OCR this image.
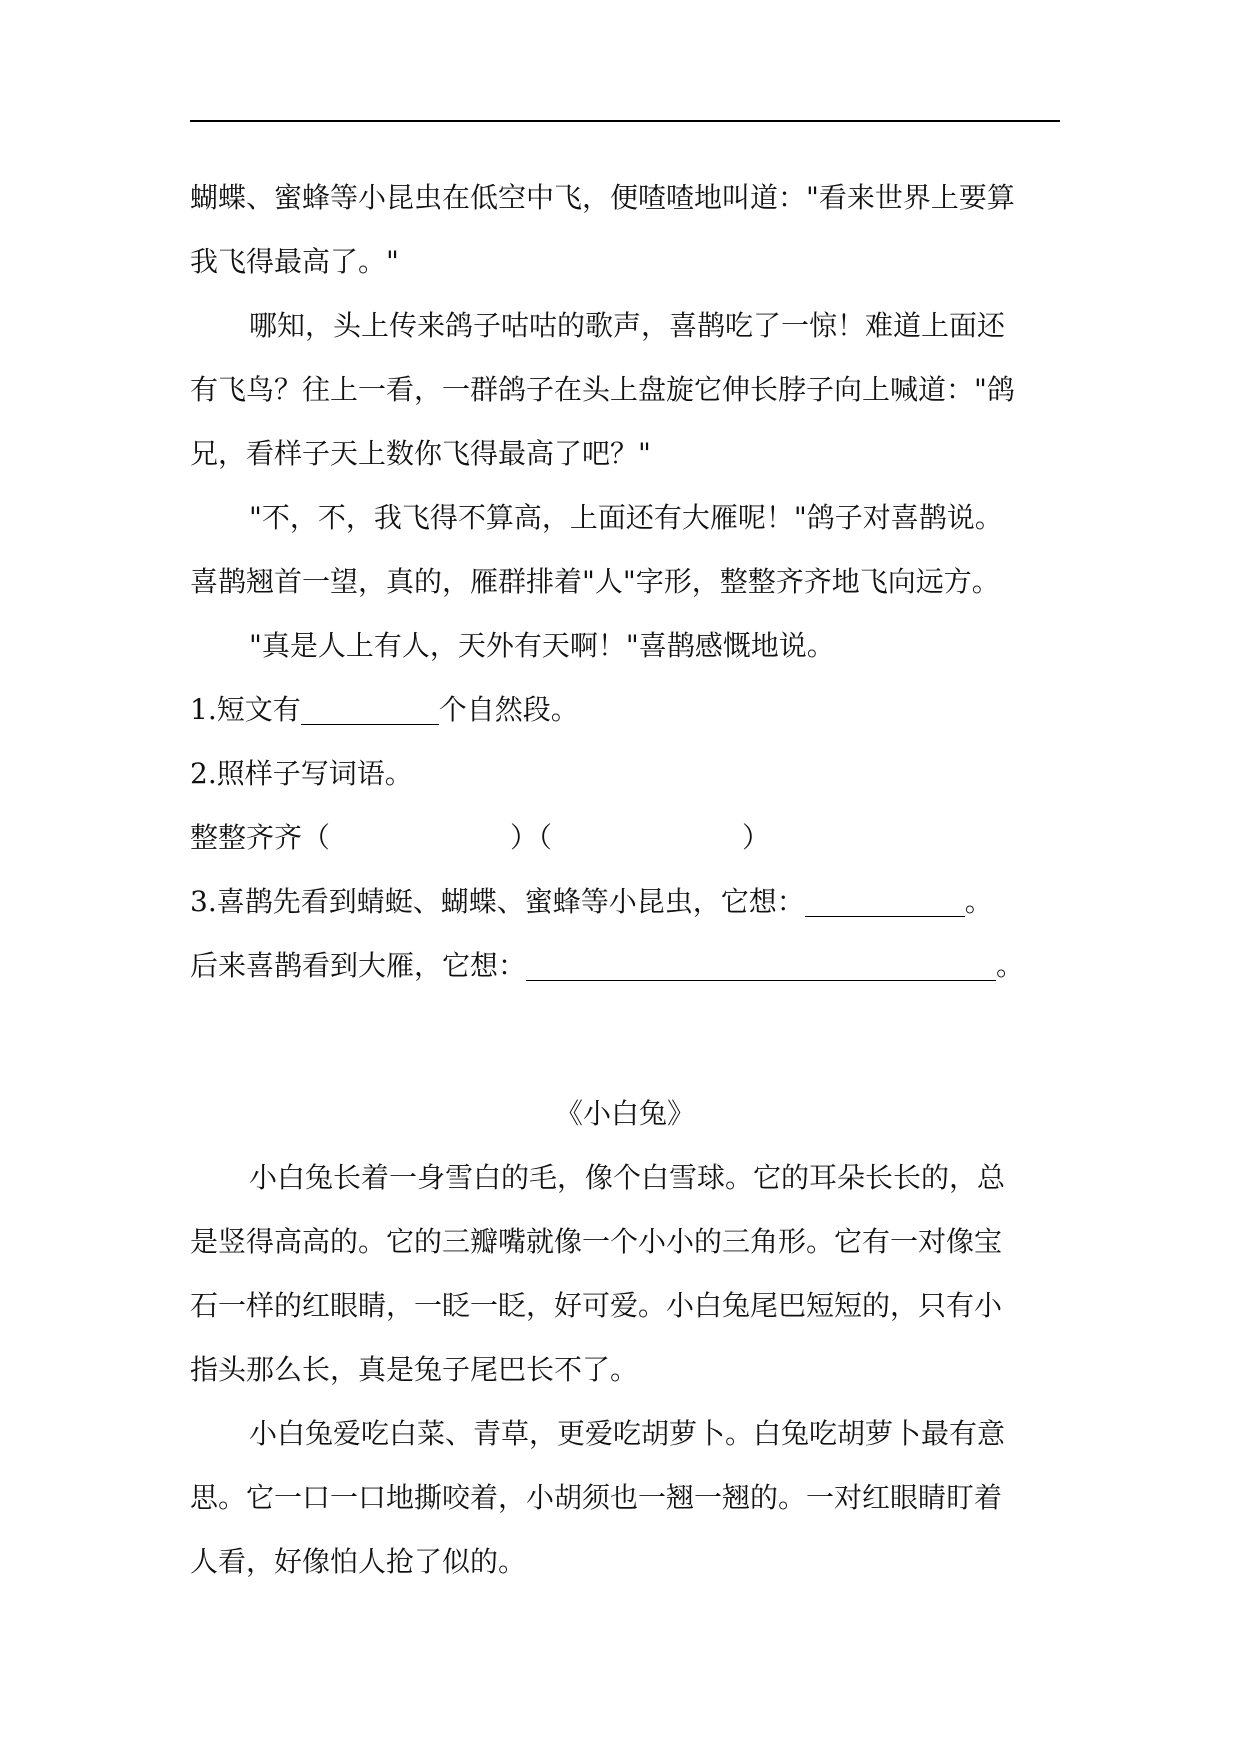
蝴蝶、蜜蜂等小昆虫在低空中飞，便喳喳地叫道："看来世界上要算
我飞得最高了。"
哪知，头上传来鸽子咕咕的歌声，喜鹊吃了一惊！难道上面还
有飞鸟？往上一看，一群鸽子在头上盘旋它伸长脖子向上喊道："鸽
兄，看样子天上数你飞得最高了吧？"
"不，不，我飞得不算高，上面还有大雁呢！"鸽子对喜鹊说。
喜鹊翘首一望，真的，雁群排着"人"字形，整整齐齐地飞向远方。
"真是人上有人，天外有天啊！"喜鹊感慨地说。
1.短文有	个自然段。
2.照样子写词语。
整整齐齐（	）（	）
3.喜鹊先看到蜻蜓、蝴蝶、蜜蜂等小昆虫，它想：	。
后来喜鹊看到大雁，它想：	。
《小白兔》
小白兔长着一身雪白的毛，像个白雪球。它的耳朵长长的，总
是竖得高高的。它的三瓣嘴就像一个小小的三角形。它有一对像宝
石一样的红眼睛，一眨一眨，好可爱。小白兔尾巴短短的，只有小
指头那么长，真是兔子尾巴长不了。
小白兔爱吃白菜、青草，更爱吃胡萝卜。白兔吃胡萝卜最有意
思。它一口一口地撕咬着，小胡须也一翘一翘的。一对红眼睛盯着
人看，好像怕人抢了似的。
